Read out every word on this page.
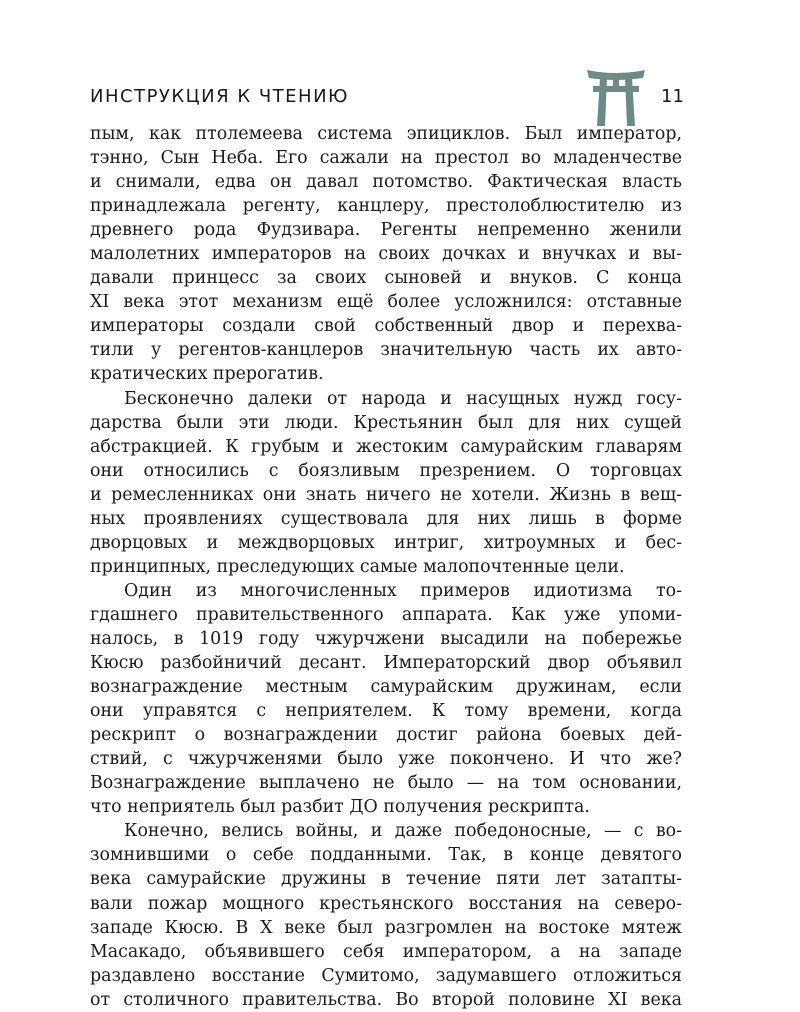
ИНСТРУКЦИЯ К ЧТЕНИЮ	11
пым, как птолемеева система эпициклов. Был император,
тэнно, Сын Неба. Его сажали на престол во младенчестве
и снимали, едва он давал потомство. Фактическая власть
принадлежала регенту, канцлеру, престолоблюстителю из
древнего рода Фудзивара. Регенты непременно женили
малолетних императоров на своих дочках и внучках и вы-
давали принцесс за своих сыновей и внуков. С конца
XI века этот механизм ещё более усложнился: отставные
императоры создали свой собственный двор и перехва-
тили у регентов-канцлеров значительную часть их авто-
кратических прерогатив.
Бесконечно далеки от народа и насущных нужд госу-
дарства были эти люди. Крестьянин был для них сущей
абстракцией. К грубым и жестоким самурайским главарям
они относились с боязливым презрением. О торговцах
и ремесленниках они знать ничего не хотели. Жизнь в вещ-
ных проявлениях существовала для них лишь в форме
дворцовых и междворцовых интриг, хитроумных и бес-
принципных, преследующих самые малопочтенные цели.
Один из многочисленных примеров идиотизма то-
гдашнего правительственного аппарата. Как уже упоми-
налось, в 1019 году чжурчжени высадили на побережье
Кюсю разбойничий десант. Императорский двор объявил
вознаграждение местным самурайским дружинам, если
они управятся с неприятелем. К тому времени, когда
рескрипт о вознаграждении достиг района боевых дей-
ствий, с чжурчженями было уже покончено. И что же?
Вознаграждение выплачено не было — на том основании,
что неприятель был разбит ДО получения рескрипта.
Конечно, велись войны, и даже победоносные, — с во-
зомнившими о себе подданными. Так, в конце девятого
века самурайские дружины в течение пяти лет затапты-
вали пожар мощного крестьянского восстания на северо-
западе Кюсю. В X веке был разгромлен на востоке мятеж
Масакадо, объявившего себя императором, а на западе
раздавлено восстание Сумитомо, задумавшего отложиться
от столичного правительства. Во второй половине XI века
